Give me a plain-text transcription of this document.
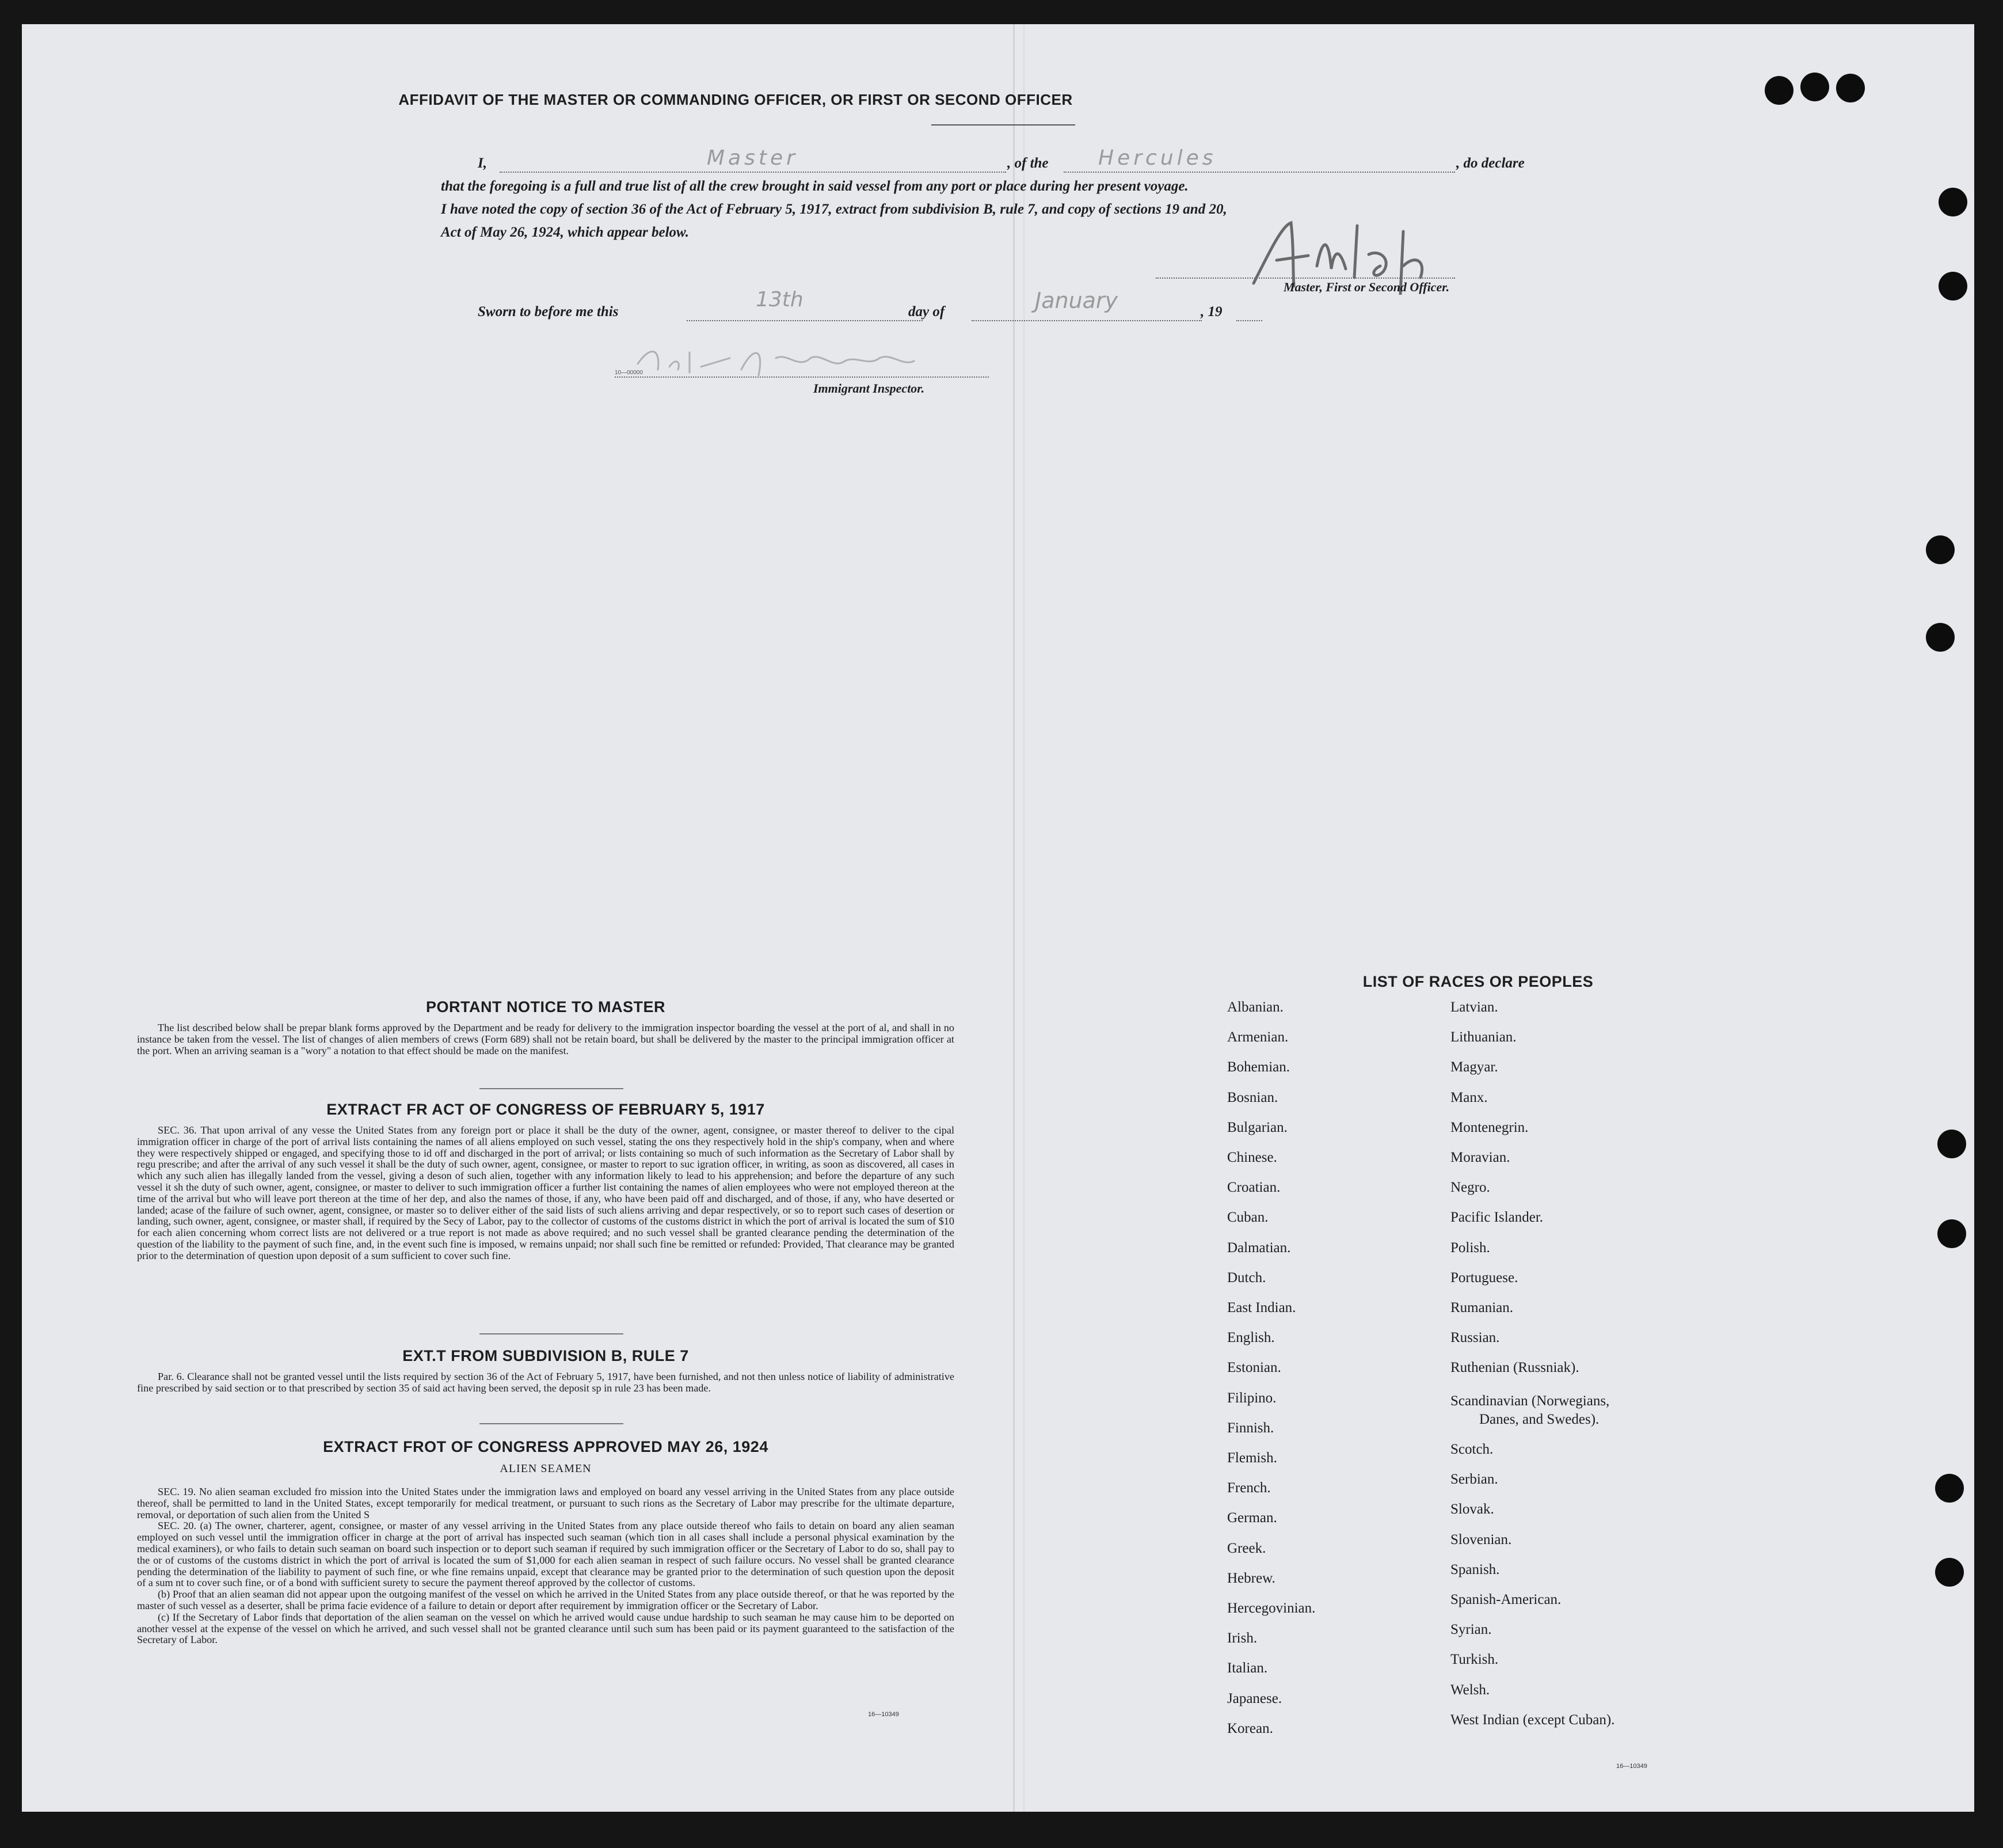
AFFIDAVIT OF THE MASTER OR COMMANDING OFFICER, OR FIRST OR SECOND OFFICER
I,	Master	, of the Hercules	, do declare
that the foregoing is a full and true list of all the crew brought in said vessel from any port or place during her present voyage.
I have noted the copy of section 36 of the Act of February 5, 1917, extract from subdivision B, rule 7, and copy of sections 19 and 20,
Act of May 26, 1924, which appear below.
Master, First or Second Officer.
Sworn to before me this
13th
day of	January	, 19
10—00000
Immigrant Inspector.
PORTANT NOTICE TO MASTER

The list described below shall be prepar blank forms approved by the Department and be ready for delivery to the immigration inspector boarding the vessel at the port of al, and shall in no instance be taken from the vessel. The list of changes of alien members of crews (Form 689) shall not be retain board, but shall be delivered by the master to the principal immigration officer at the port. When an arriving seaman is a "wory" a notation to that effect should be made on the manifest.

EXTRACT FR ACT OF CONGRESS OF FEBRUARY 5, 1917

SEC. 36. That upon arrival of any vesse the United States from any foreign port or place it shall be the duty of the owner, agent, consignee, or master thereof to deliver to the cipal immigration officer in charge of the port of arrival lists containing the names of all aliens employed on such vessel, stating the ons they respectively hold in the ship's company, when and where they were respectively shipped or engaged, and specifying those to id off and discharged in the port of arrival; or lists containing so much of such information as the Secretary of Labor shall by regu prescribe; and after the arrival of any such vessel it shall be the duty of such owner, agent, consignee, or master to report to suc igration officer, in writing, as soon as discovered, all cases in which any such alien has illegally landed from the vessel, giving a deson of such alien, together with any information likely to lead to his apprehension; and before the departure of any such vessel it sh the duty of such owner, agent, consignee, or master to deliver to such immigration officer a further list containing the names of alien employees who were not employed thereon at the time of the arrival but who will leave port thereon at the time of her dep, and also the names of those, if any, who have been paid off and discharged, and of those, if any, who have deserted or landed; acase of the failure of such owner, agent, consignee, or master so to deliver either of the said lists of such aliens arriving and depar respectively, or so to report such cases of desertion or landing, such owner, agent, consignee, or master shall, if required by the Secy of Labor, pay to the collector of customs of the customs district in which the port of arrival is located the sum of $10 for each alien concerning whom correct lists are not delivered or a true report is not made as above required; and no such vessel shall be granted clearance pending the determination of the question of the liability to the payment of such fine, and, in the event such fine is imposed, w remains unpaid; nor shall such fine be remitted or refunded: Provided, That clearance may be granted prior to the determination of question upon deposit of a sum sufficient to cover such fine.

EXT.T FROM SUBDIVISION B, RULE 7

Par. 6. Clearance shall not be granted vessel until the lists required by section 36 of the Act of February 5, 1917, have been furnished, and not then unless notice of liability of administrative fine prescribed by said section or to that prescribed by section 35 of said act having been served, the deposit sp in rule 23 has been made.

EXTRACT FROT OF CONGRESS APPROVED MAY 26, 1924
ALIEN SEAMEN

SEC. 19. No alien seaman excluded fro mission into the United States under the immigration laws and employed on board any vessel arriving in the United States from any place outside thereof, shall be permitted to land in the United States, except temporarily for medical treatment, or pursuant to such rions as the Secretary of Labor may prescribe for the ultimate departure, removal, or deportation of such alien from the United S

SEC. 20. (a) The owner, charterer, agent, consignee, or master of any vessel arriving in the United States from any place outside thereof who fails to detain on board any alien seaman employed on such vessel until the immigration officer in charge at the port of arrival has inspected such seaman (which tion in all cases shall include a personal physical examination by the medical examiners), or who fails to detain such seaman on board such inspection or to deport such seaman if required by such immigration officer or the Secretary of Labor to do so, shall pay to the or of customs of the customs district in which the port of arrival is located the sum of $1,000 for each alien seaman in respect of such failure occurs. No vessel shall be granted clearance pending the determination of the liability to payment of such fine, or whe fine remains unpaid, except that clearance may be granted prior to the determination of such question upon the deposit of a sum nt to cover such fine, or of a bond with sufficient surety to secure the payment thereof approved by the collector of customs.

(b) Proof that an alien seaman did not appear upon the outgoing manifest of the vessel on which he arrived in the United States from any place outside thereof, or that he was reported by the master of such vessel as a deserter, shall be prima facie evidence of a failure to detain or deport after requirement by immigration officer or the Secretary of Labor.

(c) If the Secretary of Labor finds that deportation of the alien seaman on the vessel on which he arrived would cause undue hardship to such seaman he may cause him to be deported on another vessel at the expense of the vessel on which he arrived, and such vessel shall not be granted clearance until such sum has been paid or its payment guaranteed to the satisfaction of the Secretary of Labor.

16—10349
LIST OF RACES OR PEOPLES
Albanian.
Armenian.
Bohemian.
Bosnian.
Bulgarian.
Chinese.
Croatian.
Cuban.
Dalmatian.
Dutch.
East Indian.
English.
Estonian.
Filipino.
Finnish.
Flemish.
French.
German.
Greek.
Hebrew.
Hercegovinian.
Irish.
Italian.
Japanese.
Korean.
Latvian.
Lithuanian.
Magyar.
Manx.
Montenegrin.
Moravian.
Negro.
Pacific Islander.
Polish.
Portuguese.
Rumanian.
Russian.
Ruthenian (Russniak).
Scandinavian (Norwegians,
Danes, and Swedes).
Scotch.
Serbian.
Slovak.
Slovenian.
Spanish.
Spanish-American.
Syrian.
Turkish.
Welsh.
West Indian (except Cuban).
16—10349
